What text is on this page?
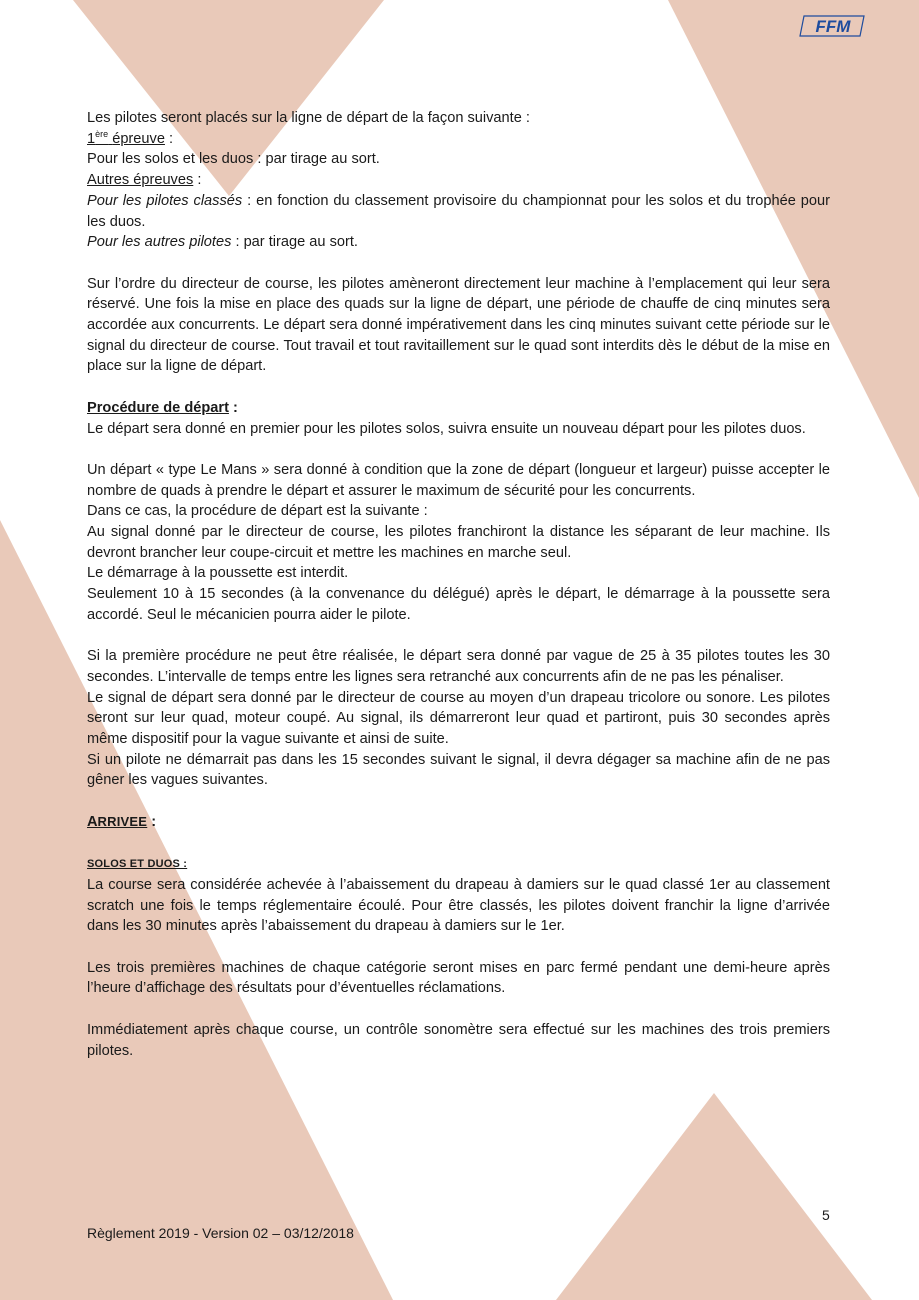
FFM

Les pilotes seront placés sur la ligne de départ de la façon suivante :

1ère épreuve :

Pour les solos et les duos : par tirage au sort.

Autres épreuves :

Pour les pilotes classés : en fonction du classement provisoire du championnat pour les solos et du trophée pour les duos.

Pour les autres pilotes : par tirage au sort.

Sur l’ordre du directeur de course, les pilotes amèneront directement leur machine à l’emplacement qui leur sera réservé. Une fois la mise en place des quads sur la ligne de départ, une période de chauffe de cinq minutes sera accordée aux concurrents. Le départ sera donné impérativement dans les cinq minutes suivant cette période sur le signal du directeur de course. Tout travail et tout ravitaillement sur le quad sont interdits dès le début de la mise en place sur la ligne de départ.

Procédure de départ :

Le départ sera donné en premier pour les pilotes solos, suivra ensuite un nouveau départ pour les pilotes duos.

Un départ « type Le Mans » sera donné à condition que la zone de départ (longueur et largeur) puisse accepter le nombre de quads à prendre le départ et assurer le maximum de sécurité pour les concurrents.

Dans ce cas, la procédure de départ est la suivante :

Au signal donné par le directeur de course, les pilotes franchiront la distance les séparant de leur machine. Ils devront brancher leur coupe-circuit et mettre les machines en marche seul.

Le démarrage à la poussette est interdit.

Seulement 10 à 15 secondes (à la convenance du délégué) après le départ, le démarrage à la poussette sera accordé. Seul le mécanicien pourra aider le pilote.

Si la première procédure ne peut être réalisée, le départ sera donné par vague de 25 à 35 pilotes toutes les 30 secondes. L’intervalle de temps entre les lignes sera retranché aux concurrents afin de ne pas les pénaliser.

Le signal de départ sera donné par le directeur de course au moyen d’un drapeau tricolore ou sonore. Les pilotes seront sur leur quad, moteur coupé. Au signal, ils démarreront leur quad et partiront, puis 30 secondes après même dispositif pour la vague suivante et ainsi de suite.

Si un pilote ne démarrait pas dans les 15 secondes suivant le signal, il devra dégager sa machine afin de ne pas gêner les vagues suivantes.

ARRIVEE :

SOLOS ET DUOS :

La course sera considérée achevée à l’abaissement du drapeau à damiers sur le quad classé 1er au classement scratch une fois le temps réglementaire écoulé. Pour être classés, les pilotes doivent franchir la ligne d’arrivée dans les 30 minutes après l’abaissement du drapeau à damiers sur le 1er.

Les trois premières machines de chaque catégorie seront mises en parc fermé pendant une demi-heure après l’heure d’affichage des résultats pour d’éventuelles réclamations.

Immédiatement après chaque course, un contrôle sonomètre sera effectué sur les machines des trois premiers pilotes.

5
Règlement 2019 - Version 02 – 03/12/2018
